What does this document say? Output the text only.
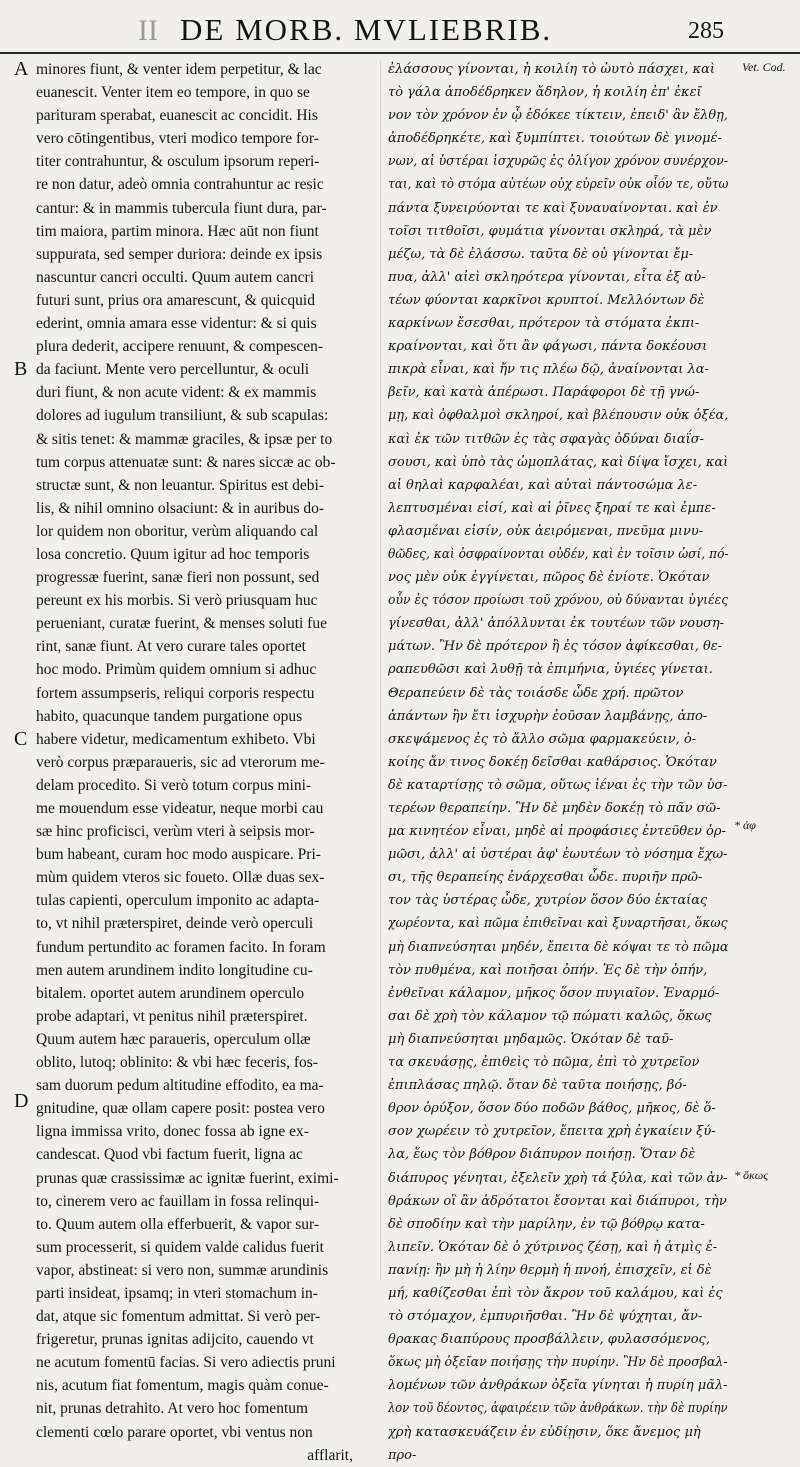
II DE MORB. MVLIEBRIB.	285
A
B
C
D
minores fiunt, & venter idem perpetitur, & lac
euanescit. Venter item eo tempore, in quo se
parituram sperabat, euanescit ac concidit. His
vero cōtingentibus, vteri modico tempore for-
titer contrahuntur, & osculum ipsorum reperi-
re non datur, adeò omnia contrahuntur ac resic
cantur: & in mammis tubercula fiunt dura, par-
tim maiora, partim minora. Hæc aūt non fiunt
suppurata, sed semper duriora: deinde ex ipsis
nascuntur cancri occulti. Quum autem cancri
futuri sunt, prius ora amarescunt, & quicquid
ederint, omnia amara esse videntur: & si quis
plura dederit, accipere renuunt, & compescen-
da faciunt. Mente vero percelluntur, & oculi
duri fiunt, & non acute vident: & ex mammis
dolores ad iugulum transiliunt, & sub scapulas:
& sitis tenet: & mammæ graciles, & ipsæ per to
tum corpus attenuatæ sunt: & nares siccæ ac ob-
structæ sunt, & non leuantur. Spiritus est debi-
lis, & nihil omnino olsaciunt: & in auribus do-
lor quidem non oboritur, verùm aliquando cal
losa concretio. Quum igitur ad hoc temporis
progressæ fuerint, sanæ fieri non possunt, sed
pereunt ex his morbis. Si verò priusquam huc
perueniant, curatæ fuerint, & menses soluti fue
rint, sanæ fiunt. At vero curare tales oportet
hoc modo. Primùm quidem omnium si adhuc
fortem assumpseris, reliqui corporis respectu
habito, quacunque tandem purgatione opus
habere videtur, medicamentum exhibeto. Vbi
verò corpus præparaueris, sic ad vterorum me-
delam procedito. Si verò totum corpus mini-
me mouendum esse videatur, neque morbi cau
sæ hinc proficisci, verùm vteri à seipsis mor-
bum habeant, curam hoc modo auspicare. Pri-
mùm quidem vteros sic foueto. Ollæ duas sex-
tulas capienti, operculum imponito ac adapta-
to, vt nihil præterspiret, deinde verò operculi
fundum pertundito ac foramen facito. In foram
men autem arundinem indito longitudine cu-
bitalem. oportet autem arundinem operculo
probe adaptari, vt penitus nihil præterspiret.
Quum autem hæc paraueris, operculum ollæ
oblito, lutoq; oblinito: & vbi hæc feceris, fos-
sam duorum pedum altitudine effodito, ea ma-
gnitudine, quæ ollam capere posit: postea vero
ligna immissa vrito, donec fossa ab igne ex-
candescat. Quod vbi factum fuerit, ligna ac
prunas quæ crassissimæ ac ignitæ fuerint, eximi-
to, cinerem vero ac fauillam in fossa relinqui-
to. Quum autem olla efferbuerit, & vapor sur-
sum processerit, si quidem valde calidus fuerit
vapor, abstineat: si vero non, summæ arundinis
parti insideat, ipsamq; in vteri stomachum in-
dat, atque sic fomentum admittat. Si verò per-
frigeretur, prunas ignitas adijcito, cauendo vt
ne acutum fomentū facias. Si vero adiectis pruni
nis, acutum fiat fomentum, magis quàm conue-
nit, prunas detrahito. At vero hoc fomentum
clementi cœlo parare oportet, vbi ventus non
afflarit,
ἐλάσσους γίνονται, ἡ κοιλίη τὸ ὠυτὸ πάσχει, καὶ
τὸ γάλα ἀποδέδρηκεν ἄδηλον, ἡ κοιλίη ἐπ' ἐκεῖ
νον τὸν χρόνον ἐν ᾧ ἐδόκεε τίκτειν, ἐπειδ' ἂν ἔλθῃ,
ἀποδέδρηκέτε, καὶ ξυμπίπτει. τοιούτων δὲ γινομέ-
νων, αἱ ὑστέραι ἰσχυρῶς ἐς ὀλίγον χρόνον συνέρχον-
ται, καὶ τὸ στόμα αὐτέων οὐχ εὑρεῖν οὐκ οἷόν τε, οὕτω
πάντα ξυνειρύονται τε καὶ ξυναυαίνονται. καὶ ἐν
τοῖσι τιτθοῖσι, φυμάτια γίνονται σκληρά, τὰ μὲν
μέζω, τὰ δὲ ἐλάσσω. ταῦτα δὲ οὐ γίνονται ἔμ-
πυα, ἀλλ' αἰεὶ σκληρότερα γίνονται, εἶτα ἐξ αὐ-
τέων φύονται καρκῖνοι κρυπτοί. Μελλόντων δὲ
καρκίνων ἔσεσθαι, πρότερον τὰ στόματα ἐκπι-
κραίνονται, καὶ ὅτι ἂν φάγωσι, πάντα δοκέουσι
πικρὰ εἶναι, καὶ ἤν τις πλέω δῷ, ἀναίνονται λα-
βεῖν, καὶ κατὰ ἀπέρωσι. Παράφοροι δὲ τῇ γνώ-
μῃ, καὶ ὀφθαλμοὶ σκληροί, καὶ βλέπουσιν οὐκ ὀξέα,
καὶ ἐκ τῶν τιτθῶν ἐς τὰς σφαγὰς ὀδύναι διαΐσ-
σουσι, καὶ ὑπὸ τὰς ὠμοπλάτας, καὶ δίψα ἴσχει, καὶ
αἱ θηλαὶ καρφαλέαι, καὶ αὐταὶ πάντοσώμα λε-
λεπτυσμέναι εἰσί, καὶ αἱ ῥῖνες ξηραί τε καὶ ἐμπε-
φλασμέναι εἰσίν, οὐκ ἀειρόμεναι, πνεῦμα μινυ-
θῶδες, καὶ ὀσφραίνονται οὐδέν, καὶ ἐν τοῖσιν ὠσί, πό-
νος μὲν οὐκ ἐγγίνεται, πῶρος δὲ ἐνίοτε. Ὁκόταν
οὖν ἐς τόσον προίωσι τοῦ χρόνου, οὐ δύνανται ὑγιέες
γίνεσθαι, ἀλλ' ἀπόλλυνται ἐκ τουτέων τῶν νουση-
μάτων. Ἢν δὲ πρότερον ἢ ἐς τόσον ἀφίκεσθαι, θε-
ραπευθῶσι καὶ λυθῇ τὰ ἐπιμήνια, ὑγιέες γίνεται.
Θεραπεύειν δὲ τὰς τοιάσδε ὧδε χρή. πρῶτον
ἁπάντων ἢν ἔτι ἰσχυρὴν ἐοῦσαν λαμβάνῃς, ἀπο-
σκεψάμενος ἐς τὸ ἄλλο σῶμα φαρμακεύειν, ὁ-
κοίης ἄν τινος δοκέῃ δεῖσθαι καθάρσιος. Ὁκόταν
δὲ καταρτίσῃς τὸ σῶμα, οὕτως ἰέναι ἐς τὴν τῶν ὑσ-
τερέων θεραπείην. Ἢν δὲ μηδὲν δοκέῃ τὸ πᾶν σῶ-
μα κινητέον εἶναι, μηδὲ αἱ προφάσιες ἐντεῦθεν ὁρ-
μῶσι, ἀλλ' αἱ ὑστέραι ἀφ' ἑωυτέων τὸ νόσημα ἔχω-
σι, τῆς θεραπείης ἐνάρχεσθαι ὧδε. πυριῆν πρῶ-
τον τὰς ὑστέρας ὧδε, χυτρίον ὅσον δύο ἑκταίας
χωρέοντα, καὶ πῶμα ἐπιθεῖναι καὶ ξυναρτῆσαι, ὅκως
μὴ διαπνεύσηται μηδέν, ἔπειτα δὲ κόψαι τε τὸ πῶμα
τὸν πυθμένα, καὶ ποιῆσαι ὀπήν. Ἐς δὲ τὴν ὀπήν,
ἐνθεῖναι κάλαμον, μῆκος ὅσον πυγιαῖον. Ἐναρμό-
σαι δὲ χρὴ τὸν κάλαμον τῷ πώματι καλῶς, ὅκως
μὴ διαπνεύσηται μηδαμῶς. Ὁκόταν δὲ ταῦ-
τα σκευάσῃς, ἐπιθεὶς τὸ πῶμα, ἐπὶ τὸ χυτρεῖον
ἐπιπλάσας πηλῷ. ὅταν δὲ ταῦτα ποιήσῃς, βό-
θρον ὀρύξον, ὅσον δύο ποδῶν βάθος, μῆκος, δὲ ὅ-
σον χωρέειν τὸ χυτρεῖον, ἔπειτα χρὴ ἐγκαίειν ξύ-
λα, ἕως τὸν βόθρον διάπυρον ποιήσῃ. Ὅταν δὲ
διάπυρος γένηται, ἐξελεῖν χρὴ τά ξύλα, καὶ τῶν ἀν-
θράκων οἳ ἂν ἁδρότατοι ἔσονται καὶ διάπυροι, τὴν
δὲ σποδίην καὶ τὴν μαρίλην, ἐν τῷ βόθρῳ κατα-
λιπεῖν. Ὁκόταν δὲ ὁ χύτρινος ζέσῃ, καὶ ἡ ἀτμὶς ἐ-
πανίῃ: ἢν μὴ ἡ λίην θερμὴ ἡ πνοή, ἐπισχεῖν, εἰ δὲ
μή, καθίζεσθαι ἐπὶ τὸν ἄκρον τοῦ καλάμου, καὶ ἐς
τὸ στόμαχον, ἐμπυριῆσθαι. Ἢν δὲ ψύχηται, ἄν-
θρακας διαπύρους προσβάλλειν, φυλασσόμενος,
ὅκως μὴ ὀξεῖαν ποιήσῃς τὴν πυρίην. Ἢν δὲ προσβαλ-
λομένων τῶν ἀνθράκων ὀξεῖα γίνηται ἡ πυρίη μᾶλ-
λον τοῦ δέοντος, ἀφαιρέειν τῶν ἀνθράκων. τὴν δὲ πυρίην
χρὴ κατασκευάζειν ἐν εὐδίῃσιν, ὅκε ἄνεμος μὴ
προ-
Vet. Cod.
* ἀφ
* ὅκως
